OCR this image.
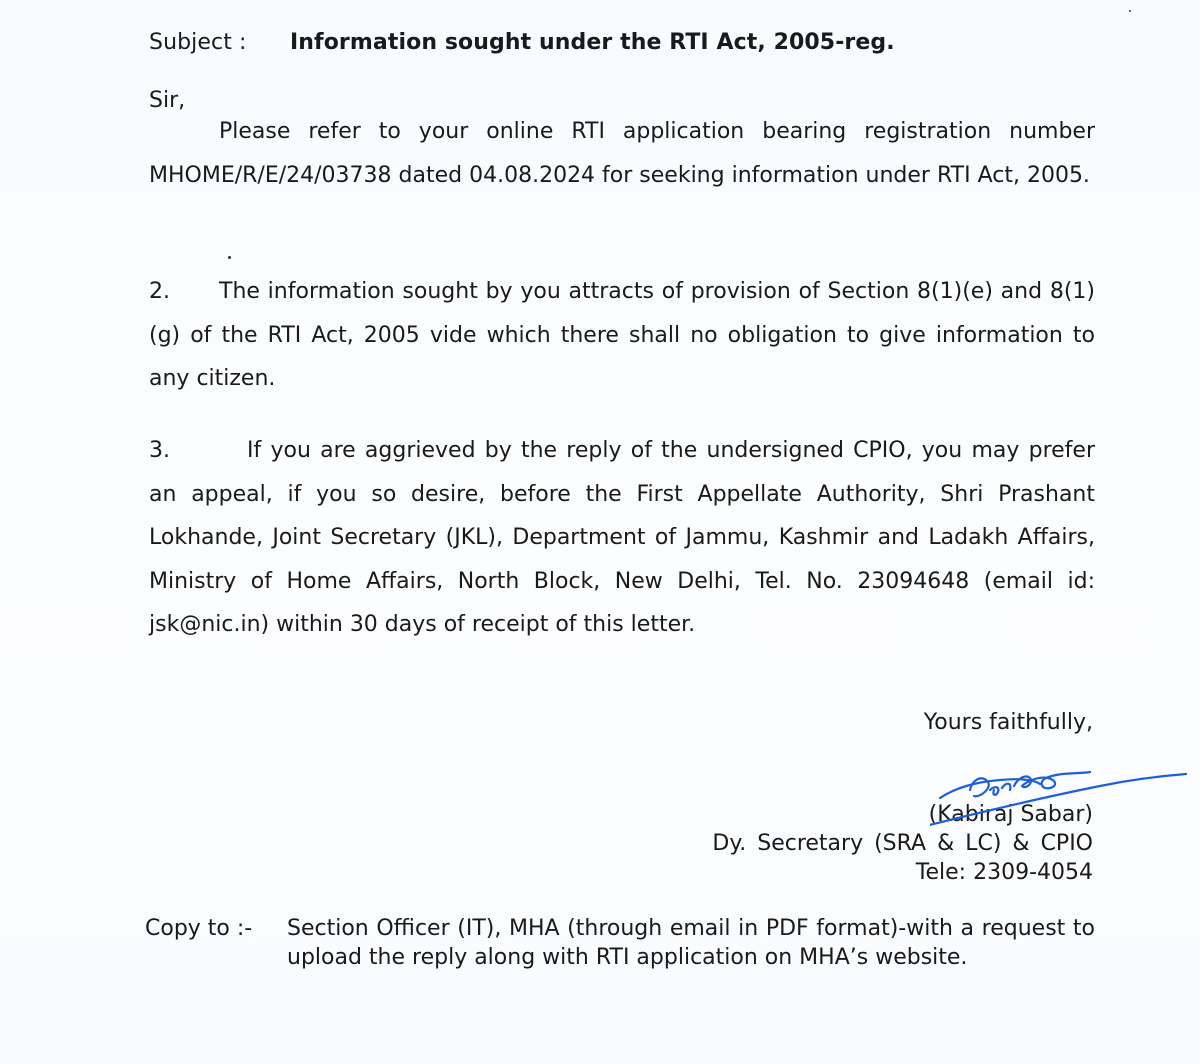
Subject : Information sought under the RTI Act, 2005-reg.
Sir,
Please refer to your online RTI application bearing registration number MHOME/R/E/24/03738 dated 04.08.2024 for seeking information under RTI Act, 2005.
2. The information sought by you attracts of provision of Section 8(1)(e) and 8(1)(g) of the RTI Act, 2005 vide which there shall no obligation to give information to any citizen.
3.	If you are aggrieved by the reply of the undersigned CPIO, you may prefer an appeal, if you so desire, before the First Appellate Authority, Shri Prashant Lokhande, Joint Secretary (JKL), Department of Jammu, Kashmir and Ladakh Affairs, Ministry of Home Affairs, North Block, New Delhi, Tel. No. 23094648 (email id: jsk@nic.in) within 30 days of receipt of this letter.
Yours faithfully,
(Kabiraj Sabar)
Dy. Secretary (SRA & LC) & CPIO
Tele: 2309-4054
Copy to :- Section Officer (IT), MHA (through email in PDF format)-with a request to upload the reply along with RTI application on MHA’s website.
